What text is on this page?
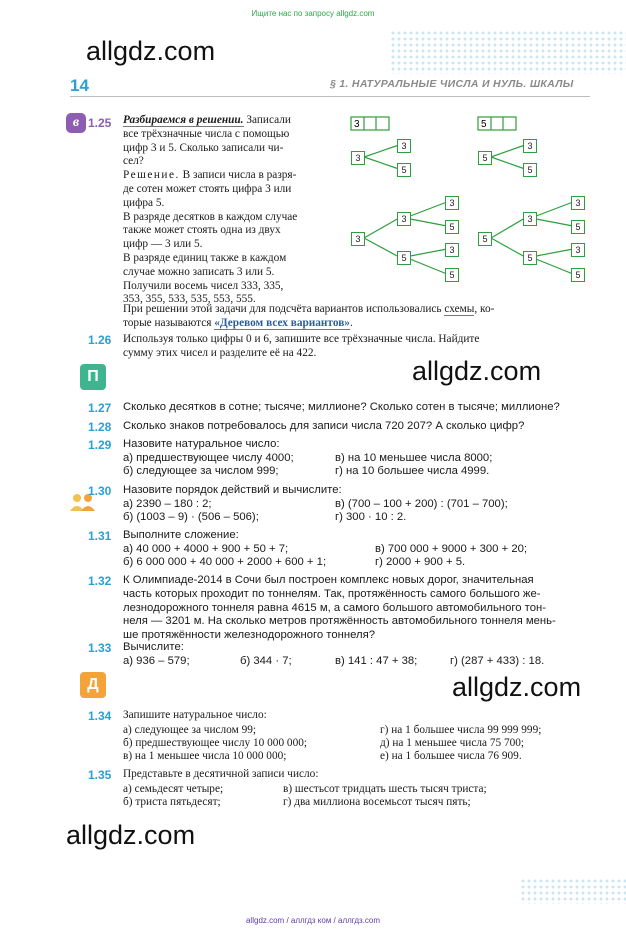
Ищите нас по запросу allgdz.com
14	§ 1. НАТУРАЛЬНЫЕ ЧИСЛА И НУЛЬ. ШКАЛЫ
allgdz.com
allgdz.com
allgdz.com
allgdz.com
в 1.25 Разбираемся в решении. Записали
все трёхзначные числа с помощью
цифр 3 и 5. Сколько записали чи-
сел?
Решение. В записи числа в разря-
де сотен может стоять цифра 3 или
цифра 5.
В разряде десятков в каждом случае
также может стоять одна из двух
цифр — 3 или 5.
В разряде единиц также в каждом
случае можно записать 3 или 5.
Получили восемь чисел 333, 335,
353, 355, 533, 535, 553, 555.
3	5
3
3
5
5
3
5
3
3
5
3
5
3
5
5
3
5
3
5
3
5
При решении этой задачи для подсчёта вариантов использовались схемы, ко-
торые называются «Деревом всех вариантов».
1.26 Используя только цифры 0 и 6, запишите все трёхзначные числа. Найдите
сумму этих чисел и разделите её на 422.
П
1.27 Сколько десятков в сотне; тысяче; миллионе? Сколько сотен в тысяче; миллионе?
1.28 Сколько знаков потребовалось для записи числа 720 207? А сколько цифр?
1.29 Назовите натуральное число:
а) предшествующее числу 4000;
б) следующее за числом 999;
в) на 10 меньшее числа 8000;
г) на 10 большее числа 4999.
1.30 Назовите порядок действий и вычислите:
а) 2390 – 180 : 2;
б) (1003 – 9) · (506 – 506);
в) (700 – 100 + 200) : (701 – 700);
г) 300 · 10 : 2.
1.31 Выполните сложение:
а) 40 000 + 4000 + 900 + 50 + 7;
б) 6 000 000 + 40 000 + 2000 + 600 + 1;
в) 700 000 + 9000 + 300 + 20;
г) 2000 + 900 + 5.
1.32 К Олимпиаде-2014 в Сочи был построен комплекс новых дорог, значительная
часть которых проходит по тоннелям. Так, протяжённость самого большого же-
лезнодорожного тоннеля равна 4615 м, а самого большого автомобильного тон-
неля — 3201 м. На сколько метров протяжённость автомобильного тоннеля мень-
ше протяжённости железнодорожного тоннеля?
1.33 Вычислите:
а) 936 – 579;	б) 344 · 7;	в) 141 : 47 + 38;	г) (287 + 433) : 18.
Д
1.34 Запишите натуральное число:
а) следующее за числом 99;
б) предшествующее числу 10 000 000;
в) на 1 меньшее числа 10 000 000;
г) на 1 большее числа 99 999 999;
д) на 1 меньшее числа 75 700;
е) на 1 большее числа 76 909.
1.35 Представьте в десятичной записи число:
а) семьдесят четыре;
б) триста пятьдесят;
в) шестьсот тридцать шесть тысяч триста;
г) два миллиона восемьсот тысяч пять;
allgdz.com / аллгдз ком / аллгдз.com
